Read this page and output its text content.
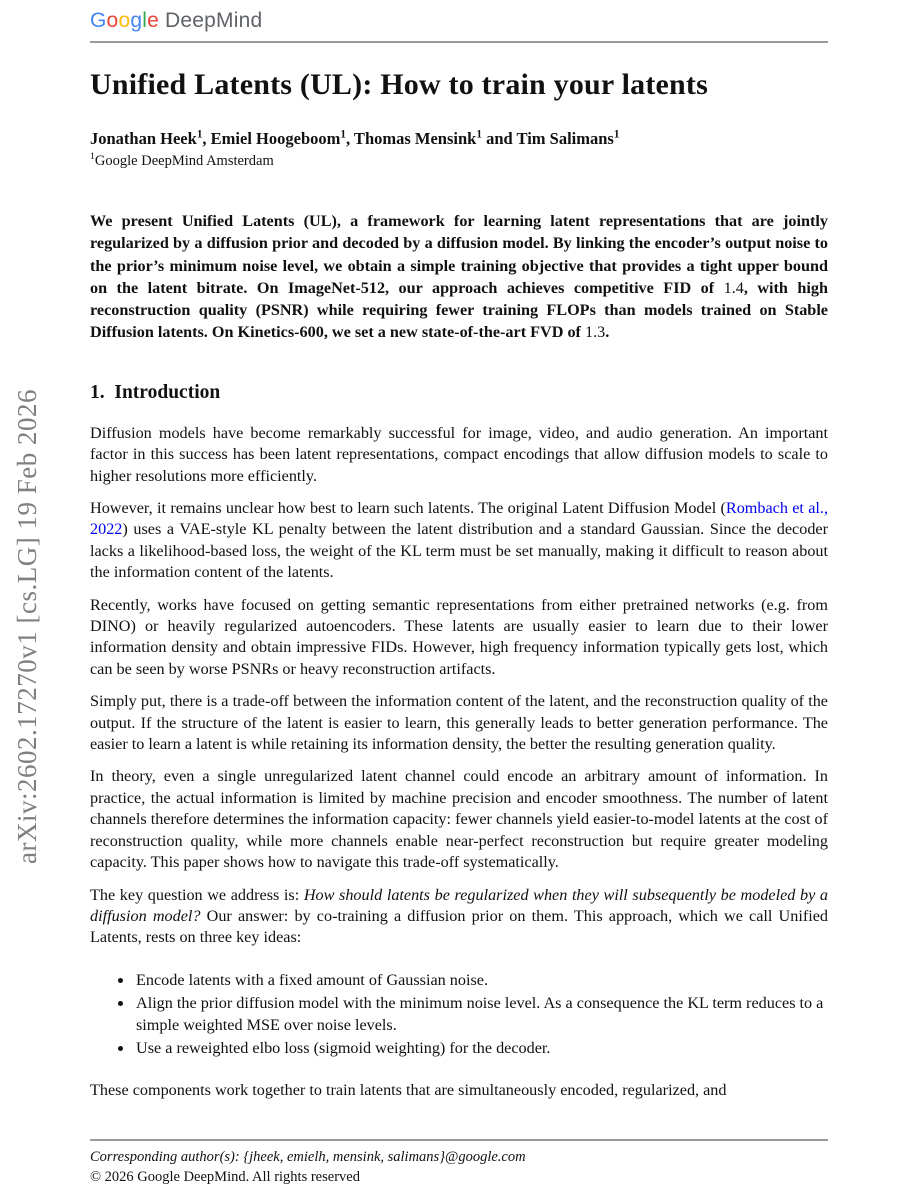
arXiv:2602.17270v1 [cs.LG] 19 Feb 2026
Google DeepMind
Unified Latents (UL): How to train your latents
Jonathan Heek$^1$, Emiel Hoogeboom$^1$, Thomas Mensink$^1$ and Tim Salimans$^1$
$^1$Google DeepMind Amsterdam
We present Unified Latents (UL), a framework for learning latent representations that are jointly regularized by a diffusion prior and decoded by a diffusion model. By linking the encoder’s output noise to the prior’s minimum noise level, we obtain a simple training objective that provides a tight upper bound on the latent bitrate. On ImageNet-512, our approach achieves competitive FID of 1.4, with high reconstruction quality (PSNR) while requiring fewer training FLOPs than models trained on Stable Diffusion latents. On Kinetics-600, we set a new state-of-the-art FVD of 1.3.
1.  Introduction

Diffusion models have become remarkably successful for image, video, and audio generation. An important factor in this success has been latent representations, compact encodings that allow diffusion models to scale to higher resolutions more efficiently.

However, it remains unclear how best to learn such latents. The original Latent Diffusion Model (Rombach et al., 2022) uses a VAE-style KL penalty between the latent distribution and a standard Gaussian. Since the decoder lacks a likelihood-based loss, the weight of the KL term must be set manually, making it difficult to reason about the information content of the latents.

Recently, works have focused on getting semantic representations from either pretrained networks (e.g. from DINO) or heavily regularized autoencoders. These latents are usually easier to learn due to their lower information density and obtain impressive FIDs. However, high frequency information typically gets lost, which can be seen by worse PSNRs or heavy reconstruction artifacts.

Simply put, there is a trade-off between the information content of the latent, and the reconstruction quality of the output. If the structure of the latent is easier to learn, this generally leads to better generation performance. The easier to learn a latent is while retaining its information density, the better the resulting generation quality.

In theory, even a single unregularized latent channel could encode an arbitrary amount of information. In practice, the actual information is limited by machine precision and encoder smoothness. The number of latent channels therefore determines the information capacity: fewer channels yield easier-to-model latents at the cost of reconstruction quality, while more channels enable near-perfect reconstruction but require greater modeling capacity. This paper shows how to navigate this trade-off systematically.

The key question we address is: How should latents be regularized when they will subsequently be modeled by a diffusion model? Our answer: by co-training a diffusion prior on them. This approach, which we call Unified Latents, rests on three key ideas:

• Encode latents with a fixed amount of Gaussian noise.
• Align the prior diffusion model with the minimum noise level. As a consequence the KL term reduces to a simple weighted MSE over noise levels.
• Use a reweighted elbo loss (sigmoid weighting) for the decoder.

These components work together to train latents that are simultaneously encoded, regularized, and

Corresponding author(s): {jheek, emielh, mensink, salimans}@google.com
© 2026 Google DeepMind. All rights reserved
